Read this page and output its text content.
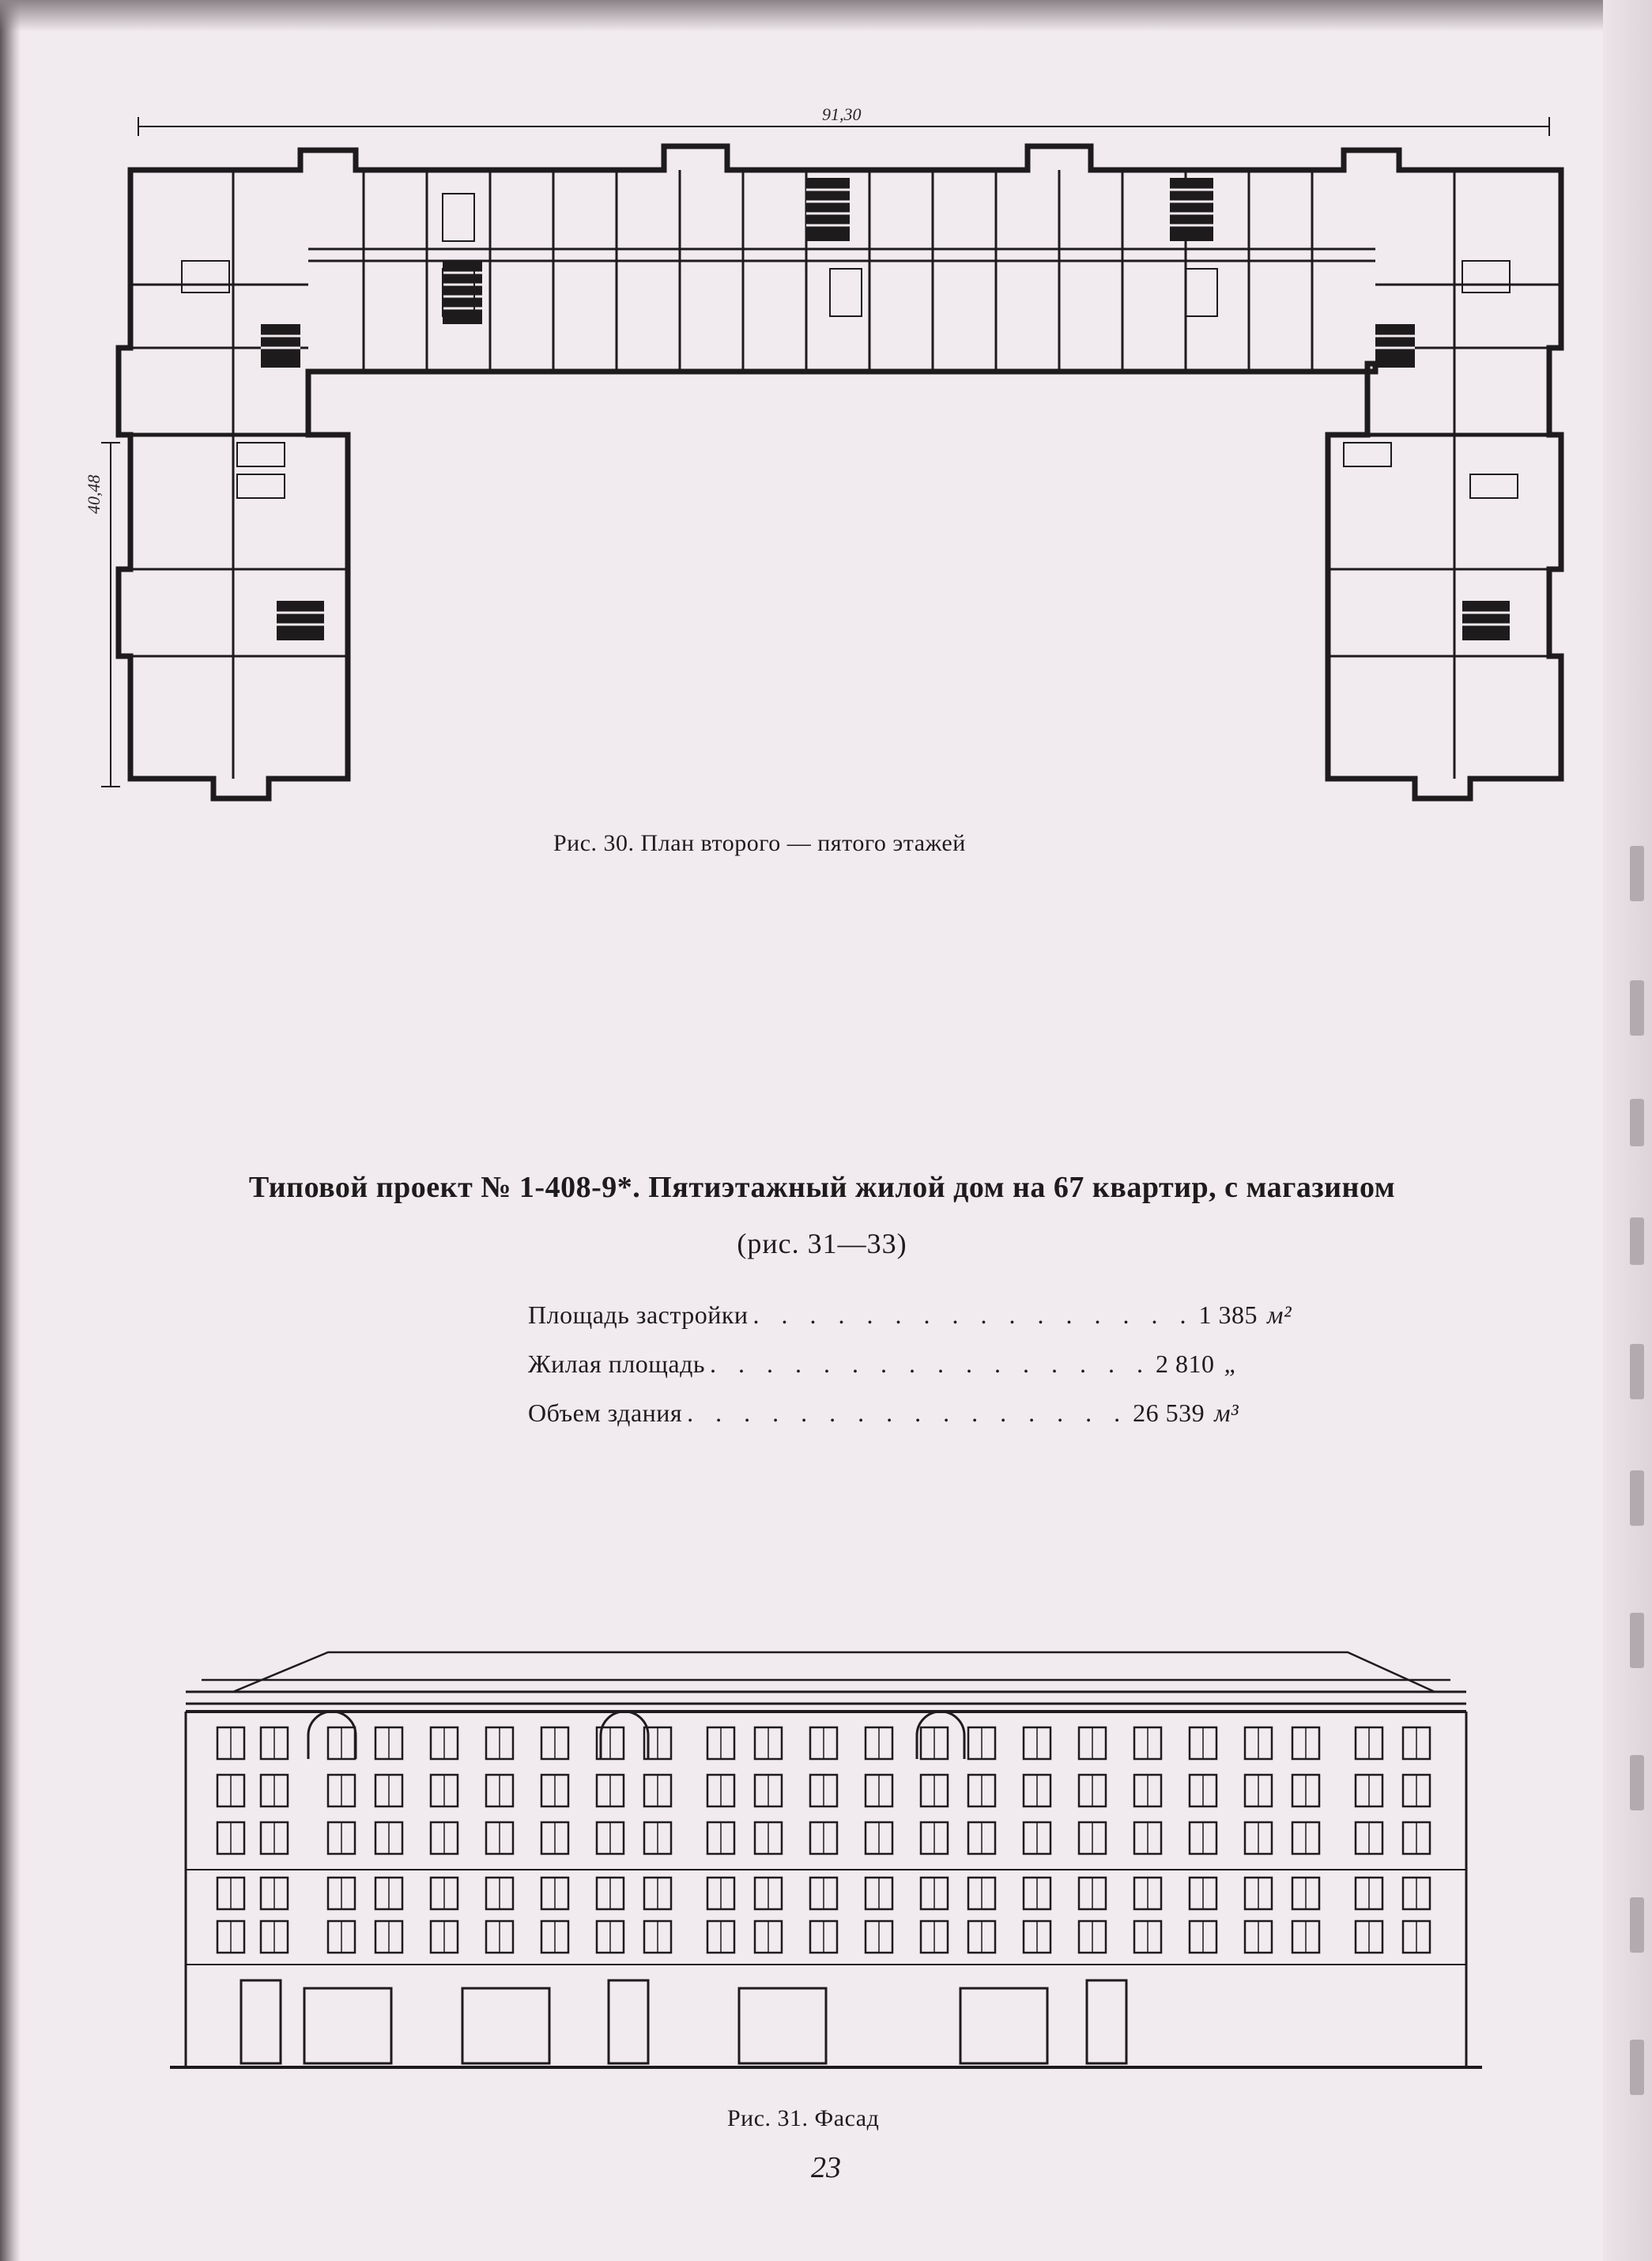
91,30
40,48
Рис. 30. План второго — пятого этажей
Типовой проект № 1-408-9*. Пятиэтажный жилой дом на 67 квартир, с магазином
(рис. 31—33)
Площадь застройки . . . . . . . . . . . . . . . . 1 385 м²
Жилая площадь . . . . . . . . . . . . . . . . 2 810 „
Объем здания . . . . . . . . . . . . . . . . 26 539 м³
Рис. 31. Фасад
23
